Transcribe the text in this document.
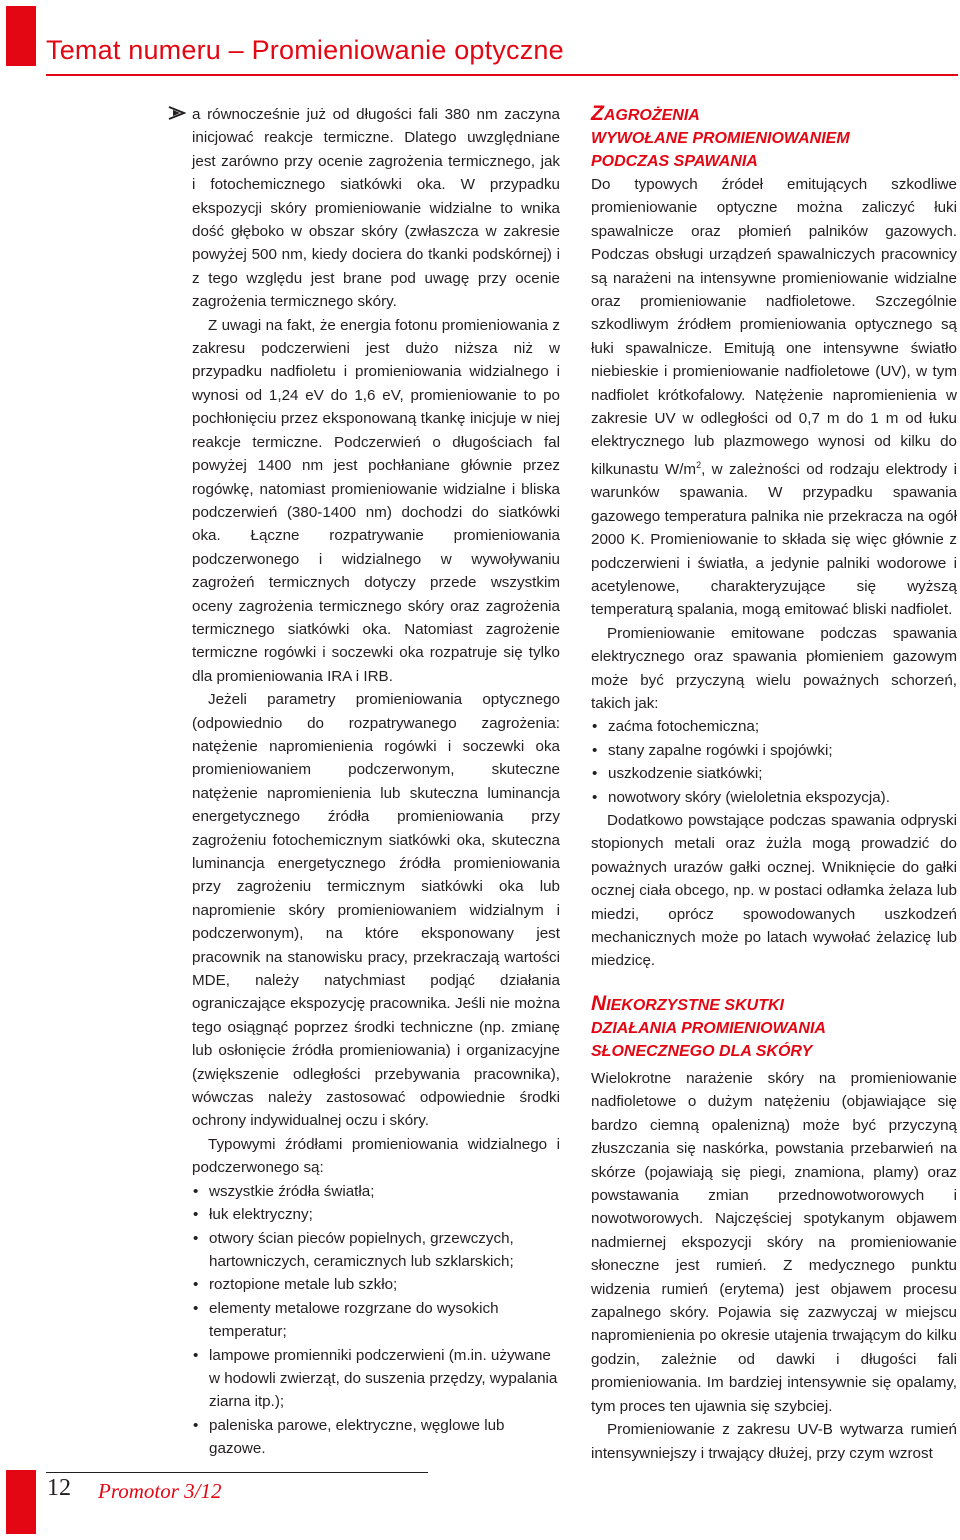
Temat numeru – Promieniowanie optyczne

a równocześnie już od długości fali 380 nm zaczyna inicjować reakcje termiczne. Dlatego uwzględniane jest zarówno przy ocenie zagrożenia termicznego, jak i fotochemicznego siatkówki oka. W przypadku ekspozycji skóry promieniowanie widzialne to wnika dość głęboko w obszar skóry (zwłaszcza w zakresie powyżej 500 nm, kiedy dociera do tkanki podskórnej) i z tego względu jest brane pod uwagę przy ocenie zagrożenia termicznego skóry.

Z uwagi na fakt, że energia fotonu promieniowania z zakresu podczerwieni jest dużo niższa niż w przypadku nadfioletu i promieniowania widzialnego i wynosi od 1,24 eV do 1,6 eV, promieniowanie to po pochłonięciu przez eksponowaną tkankę inicjuje w niej reakcje termiczne. Podczerwień o długościach fal powyżej 1400 nm jest pochłaniane głównie przez rogówkę, natomiast promieniowanie widzialne i bliska podczerwień (380-1400 nm) dochodzi do siatkówki oka. Łączne rozpatrywanie promieniowania podczerwonego i widzialnego w wywoływaniu zagrożeń termicznych dotyczy przede wszystkim oceny zagrożenia termicznego skóry oraz zagrożenia termicznego siatkówki oka. Natomiast zagrożenie termiczne rogówki i soczewki oka rozpatruje się tylko dla promieniowania IRA i IRB.

Jeżeli parametry promieniowania optycznego (odpowiednio do rozpatrywanego zagrożenia: natężenie napromienienia rogówki i soczewki oka promieniowaniem podczerwonym, skuteczne natężenie napromienienia lub skuteczna luminancja energetycznego źródła promieniowania przy zagrożeniu fotochemicznym siatkówki oka, skuteczna luminancja energetycznego źródła promieniowania przy zagrożeniu termicznym siatkówki oka lub napromienie skóry promieniowaniem widzialnym i podczerwonym), na które eksponowany jest pracownik na stanowisku pracy, przekraczają wartości MDE, należy natychmiast podjąć działania ograniczające ekspozycję pracownika. Jeśli nie można tego osiągnąć poprzez środki techniczne (np. zmianę lub osłonięcie źródła promieniowania) i organizacyjne (zwiększenie odległości przebywania pracownika), wówczas należy zastosować odpowiednie środki ochrony indywidualnej oczu i skóry.

Typowymi źródłami promieniowania widzialnego i podczerwonego są:

• wszystkie źródła światła;
• łuk elektryczny;
• otwory ścian pieców popielnych, grzewczych, hartowniczych, ceramicznych lub szklarskich;
• roztopione metale lub szkło;
• elementy metalowe rozgrzane do wysokich temperatur;
• lampowe promienniki podczerwieni (m.in. używane w hodowli zwierząt, do suszenia przędzy, wypalania ziarna itp.);
• paleniska parowe, elektryczne, węglowe lub gazowe.
ZAGROŻENIA
WYWOŁANE PROMIENIOWANIEM
PODCZAS SPAWANIA

Do typowych źródeł emitujących szkodliwe promieniowanie optyczne można zaliczyć łuki spawalnicze oraz płomień palników gazowych. Podczas obsługi urządzeń spawalniczych pracownicy są narażeni na intensywne promieniowanie widzialne oraz promieniowanie nadfioletowe. Szczególnie szkodliwym źródłem promieniowania optycznego są łuki spawalnicze. Emitują one intensywne światło niebieskie i promieniowanie nadfioletowe (UV), w tym nadfiolet krótkofalowy. Natężenie napromienienia w zakresie UV w odległości od 0,7 m do 1 m od łuku elektrycznego lub plazmowego wynosi od kilku do kilkunastu $W/m^2$, w zależności od rodzaju elektrody i warunków spawania. W przypadku spawania gazowego temperatura palnika nie przekracza na ogół 2000 K. Promieniowanie to składa się więc głównie z podczerwieni i światła, a jedynie palniki wodorowe i acetylenowe, charakteryzujące się wyższą temperaturą spalania, mogą emitować bliski nadfiolet.

Promieniowanie emitowane podczas spawania elektrycznego oraz spawania płomieniem gazowym może być przyczyną wielu poważnych schorzeń, takich jak:

• zaćma fotochemiczna;
• stany zapalne rogówki i spojówki;
• uszkodzenie siatkówki;
• nowotwory skóry (wieloletnia ekspozycja).

Dodatkowo powstające podczas spawania odpryski stopionych metali oraz żużla mogą prowadzić do poważnych urazów gałki ocznej. Wniknięcie do gałki ocznej ciała obcego, np. w postaci odłamka żelaza lub miedzi, oprócz spowodowanych uszkodzeń mechanicznych może po latach wywołać żelazicę lub miedzicę.

NIEKORZYSTNE SKUTKI
DZIAŁANIA PROMIENIOWANIA
SŁONECZNEGO DLA SKÓRY

Wielokrotne narażenie skóry na promieniowanie nadfioletowe o dużym natężeniu (objawiające się bardzo ciemną opalenizną) może być przyczyną złuszczania się naskórka, powstania przebarwień na skórze (pojawiają się piegi, znamiona, plamy) oraz powstawania zmian przednowotworowych i nowotworowych. Najczęściej spotykanym objawem nadmiernej ekspozycji skóry na promieniowanie słoneczne jest rumień. Z medycznego punktu widzenia rumień (erytema) jest objawem procesu zapalnego skóry. Pojawia się zazwyczaj w miejscu napromienienia po okresie utajenia trwającym do kilku godzin, zależnie od dawki i długości fali promieniowania. Im bardziej intensywnie się opalamy, tym proces ten ujawnia się szybciej.

Promieniowanie z zakresu UV-B wytwarza rumień intensywniejszy i trwający dłużej, przy czym wzrost

12 Promotor 3/12
